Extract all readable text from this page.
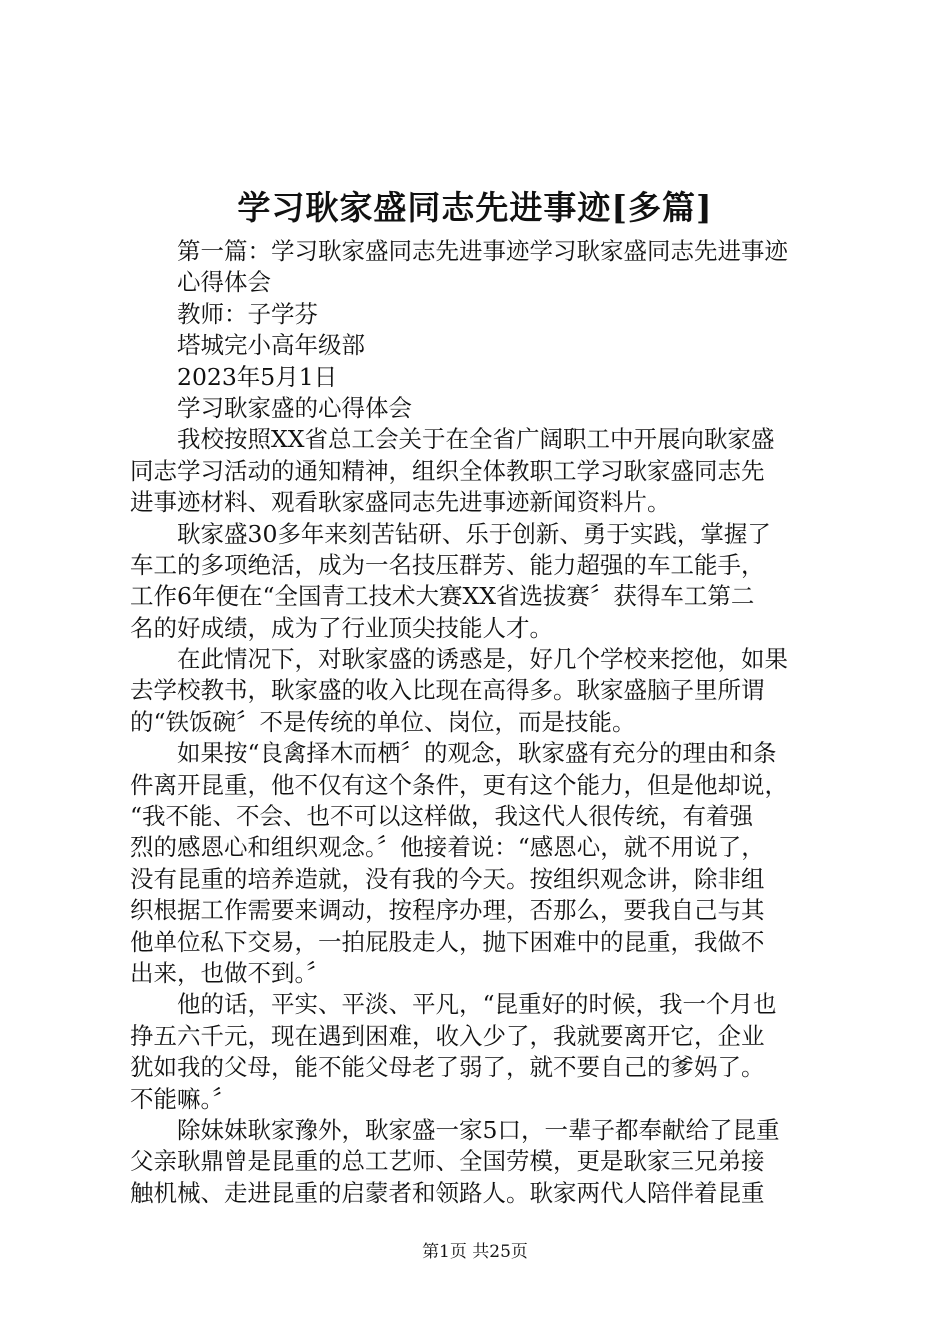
学习耿家盛同志先进事迹[多篇]
第一篇：学习耿家盛同志先进事迹学习耿家盛同志先进事迹
心得体会
教师：子学芬
塔城完小高年级部
2023年5月1日
学习耿家盛的心得体会
我校按照XX省总工会关于在全省广阔职工中开展向耿家盛
同志学习活动的通知精神，组织全体教职工学习耿家盛同志先
进事迹材料、观看耿家盛同志先进事迹新闻资料片。
耿家盛30多年来刻苦钻研、乐于创新、勇于实践，掌握了
车工的多项绝活，成为一名技压群芳、能力超强的车工能手，
工作6年便在“全国青工技术大赛XX省选拔赛〞获得车工第二
名的好成绩，成为了行业顶尖技能人才。
在此情况下，对耿家盛的诱惑是，好几个学校来挖他，如果
去学校教书，耿家盛的收入比现在高得多。耿家盛脑子里所谓
的“铁饭碗〞不是传统的单位、岗位，而是技能。
如果按“良禽择木而栖〞的观念，耿家盛有充分的理由和条
件离开昆重，他不仅有这个条件，更有这个能力，但是他却说，
“我不能、不会、也不可以这样做，我这代人很传统，有着强
烈的感恩心和组织观念。〞他接着说：“感恩心，就不用说了，
没有昆重的培养造就，没有我的今天。按组织观念讲，除非组
织根据工作需要来调动，按程序办理，否那么，要我自己与其
他单位私下交易，一拍屁股走人，抛下困难中的昆重，我做不
出来，也做不到。〞
他的话，平实、平淡、平凡，“昆重好的时候，我一个月也
挣五六千元，现在遇到困难，收入少了，我就要离开它，企业
犹如我的父母，能不能父母老了弱了，就不要自己的爹妈了。
不能嘛。〞
除妹妹耿家豫外，耿家盛一家5口，一辈子都奉献给了昆重
父亲耿鼎曾是昆重的总工艺师、全国劳模，更是耿家三兄弟接
触机械、走进昆重的启蒙者和领路人。耿家两代人陪伴着昆重
第1页 共25页
